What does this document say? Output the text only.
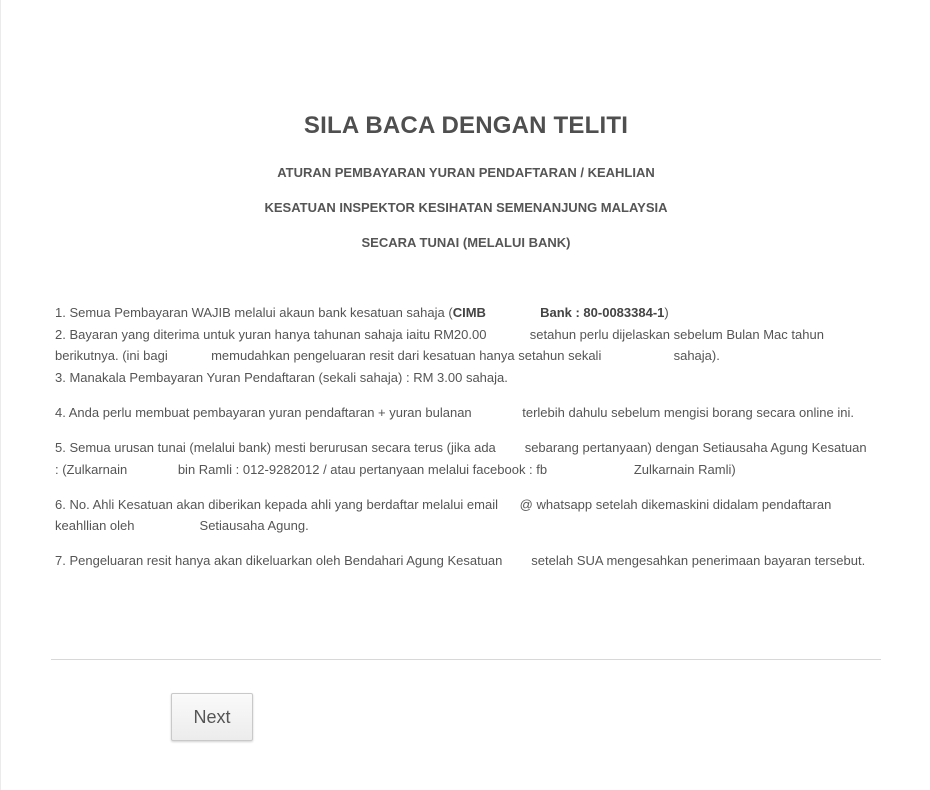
SILA BACA DENGAN TELITI
ATURAN PEMBAYARAN YURAN PENDAFTARAN / KEAHLIAN
KESATUAN INSPEKTOR KESIHATAN SEMENANJUNG MALAYSIA
SECARA TUNAI (MELALUI BANK)

1. Semua Pembayaran WAJIB melalui akaun bank kesatuan sahaja (CIMB	Bank : 80-0083384-1)

2. Bayaran yang diterima untuk yuran hanya tahunan sahaja iaitu RM20.00	setahun perlu dijelaskan sebelum Bulan Mac tahun berikutnya. (ini bagi	memudahkan pengeluaran resit dari kesatuan hanya setahun sekali	sahaja).

3. Manakala Pembayaran Yuran Pendaftaran (sekali sahaja) : RM 3.00 sahaja.

4. Anda perlu membuat pembayaran yuran pendaftaran + yuran bulanan	terlebih dahulu sebelum mengisi borang secara online ini.

5. Semua urusan tunai (melalui bank) mesti berurusan secara terus (jika ada sebarang pertanyaan) dengan Setiausaha Agung Kesatuan : (Zulkarnain	bin Ramli : 012-9282012 / atau pertanyaan melalui facebook : fb	Zulkarnain Ramli)

6. No. Ahli Kesatuan akan diberikan kepada ahli yang berdaftar melalui email @ whatsapp setelah dikemaskini didalam pendaftaran keahllian oleh	Setiausaha Agung.

7. Pengeluaran resit hanya akan dikeluarkan oleh Bendahari Agung Kesatuan setelah SUA mengesahkan penerimaan bayaran tersebut.

Next
